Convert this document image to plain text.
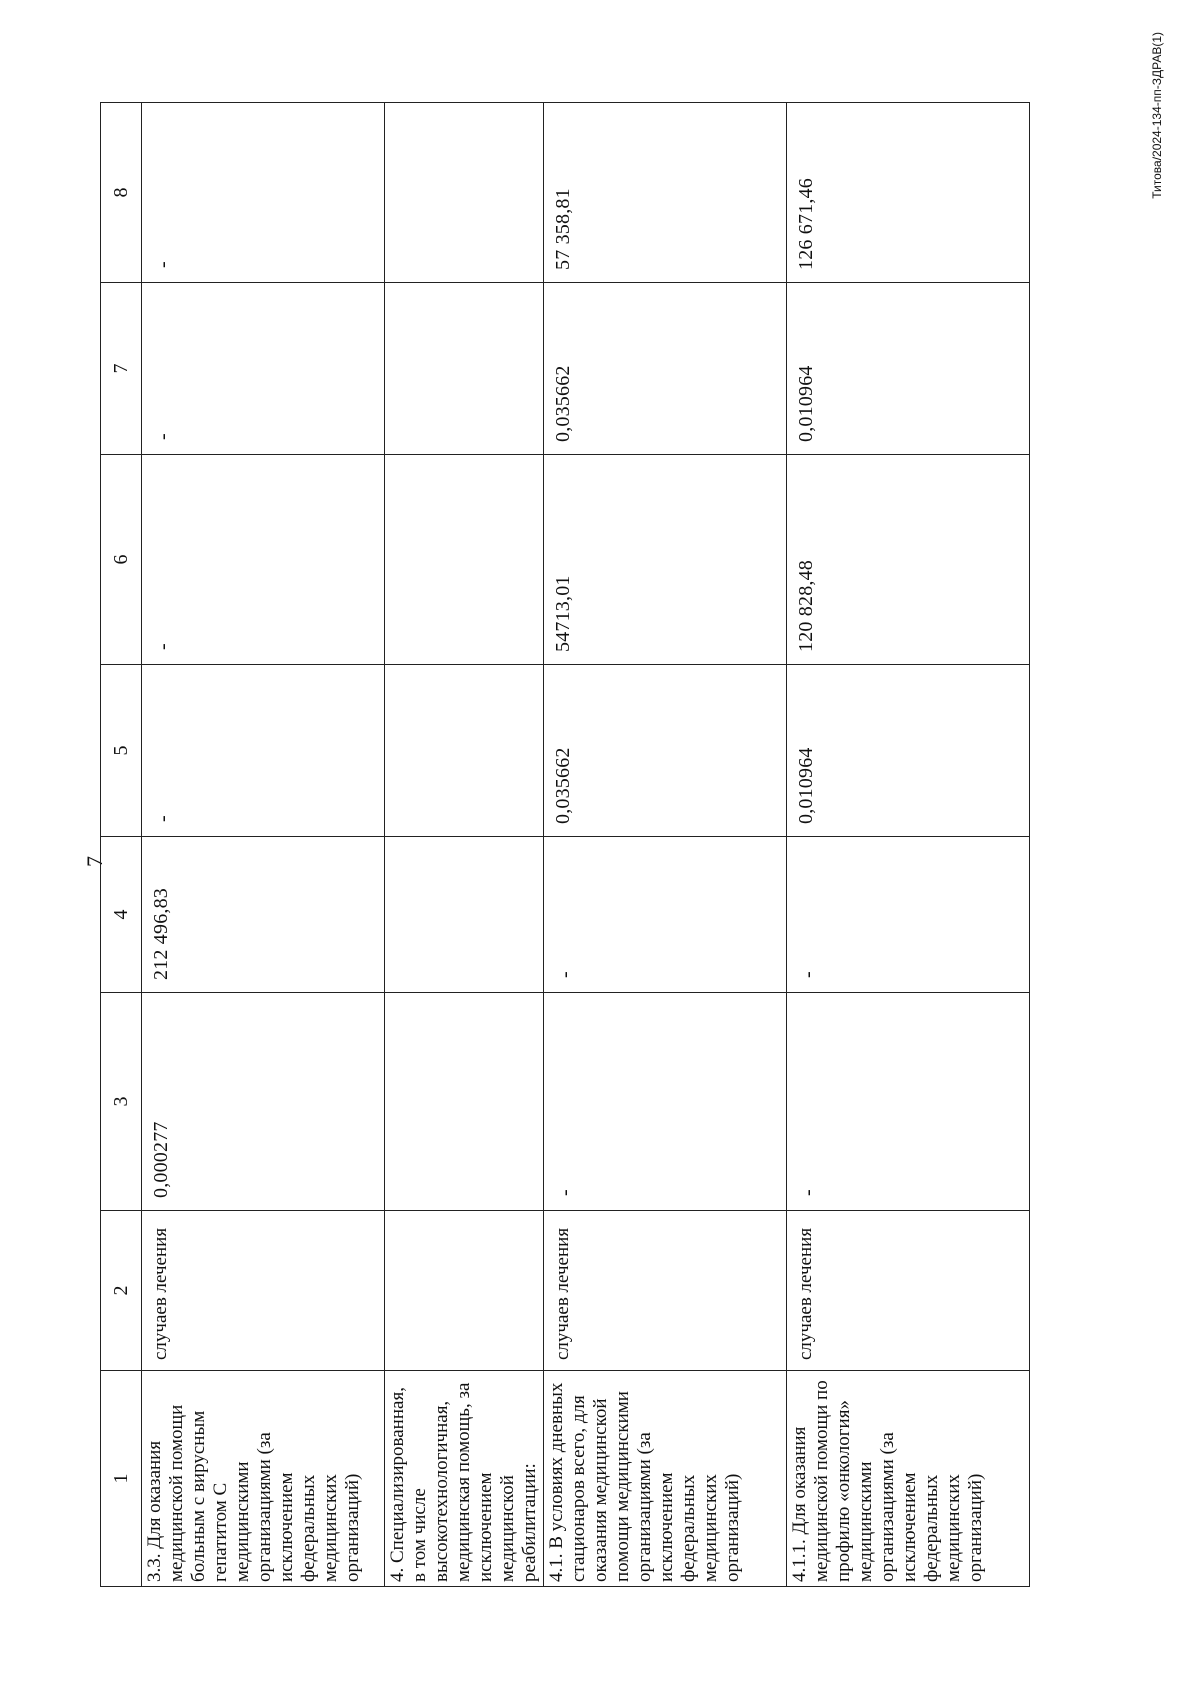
7
1	2	3	4	5	6	7	8
3.3. Для оказания медицинской помощи больным с вирусным гепатитом С медицинскими организациями (за исключением федеральных медицинских организаций)	случаев лечения	0,000277	212 496,83	-	-	-	-
4. Специализированная, в том числе высокотехнологичная, медицинская помощь, за исключением медицинской реабилитации:							
4.1. В условиях дневных стационаров всего, для оказания медицинской помощи медицинскими организациями (за исключением федеральных медицинских организаций)	случаев лечения	-	-	0,035662	54713,01	0,035662	57 358,81
4.1.1. Для оказания медицинской помощи по профилю «онкология» медицинскими организациями (за исключением федеральных медицинских организаций)	случаев лечения	-	-	0,010964	120 828,48	0,010964	126 671,46
Титова/2024-134-пп-ЗДРАВ(1)
